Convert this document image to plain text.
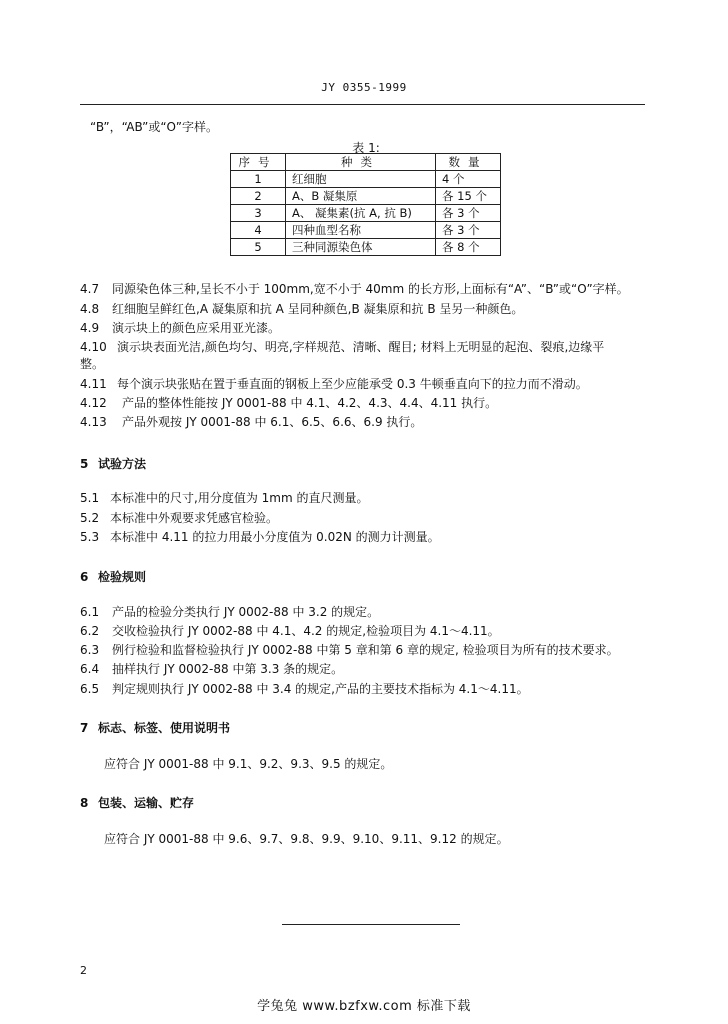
JY 0355-1999
“B”，“AB”或“O”字样。
表 1:
序号	种类	数量
1	红细胞	4 个
2	A、B 凝集原	各 15 个
3	A、 凝集素(抗 A, 抗 B)	各 3 个
4	四种血型名称	各 3 个
5	三种同源染色体	各 8 个
4.7 同源染色体三种,呈长不小于 100mm,宽不小于 40mm 的长方形,上面标有“A”、“B”或“O”字样。
4.8 红细胞呈鲜红色,A 凝集原和抗 A 呈同种颜色,B 凝集原和抗 B 呈另一种颜色。
4.9 演示块上的颜色应采用亚光漆。
4.10 演示块表面光洁,颜色均匀、明亮,字样规范、清晰、醒目; 材料上无明显的起泡、裂痕,边缘平
整。
4.11 每个演示块张贴在置于垂直面的钢板上至少应能承受 0.3 牛顿垂直向下的拉力而不滑动。
4.12 产品的整体性能按 JY 0001-88 中 4.1、4.2、4.3、4.4、4.11 执行。
4.13 产品外观按 JY 0001-88 中 6.1、6.5、6.6、6.9 执行。
5 试验方法
5.1 本标准中的尺寸,用分度值为 1mm 的直尺测量。
5.2 本标准中外观要求凭感官检验。
5.3 本标准中 4.11 的拉力用最小分度值为 0.02N 的测力计测量。
6 检验规则
6.1 产品的检验分类执行 JY 0002-88 中 3.2 的规定。
6.2 交收检验执行 JY 0002-88 中 4.1、4.2 的规定,检验项目为 4.1～4.11。
6.3 例行检验和监督检验执行 JY 0002-88 中第 5 章和第 6 章的规定, 检验项目为所有的技术要求。
6.4 抽样执行 JY 0002-88 中第 3.3 条的规定。
6.5 判定规则执行 JY 0002-88 中 3.4 的规定,产品的主要技术指标为 4.1～4.11。
7 标志、标签、使用说明书
应符合 JY 0001-88 中 9.1、9.2、9.3、9.5 的规定。
8 包装、运输、贮存
应符合 JY 0001-88 中 9.6、9.7、9.8、9.9、9.10、9.11、9.12 的规定。
2
学兔兔 www.bzfxw.com 标准下载
